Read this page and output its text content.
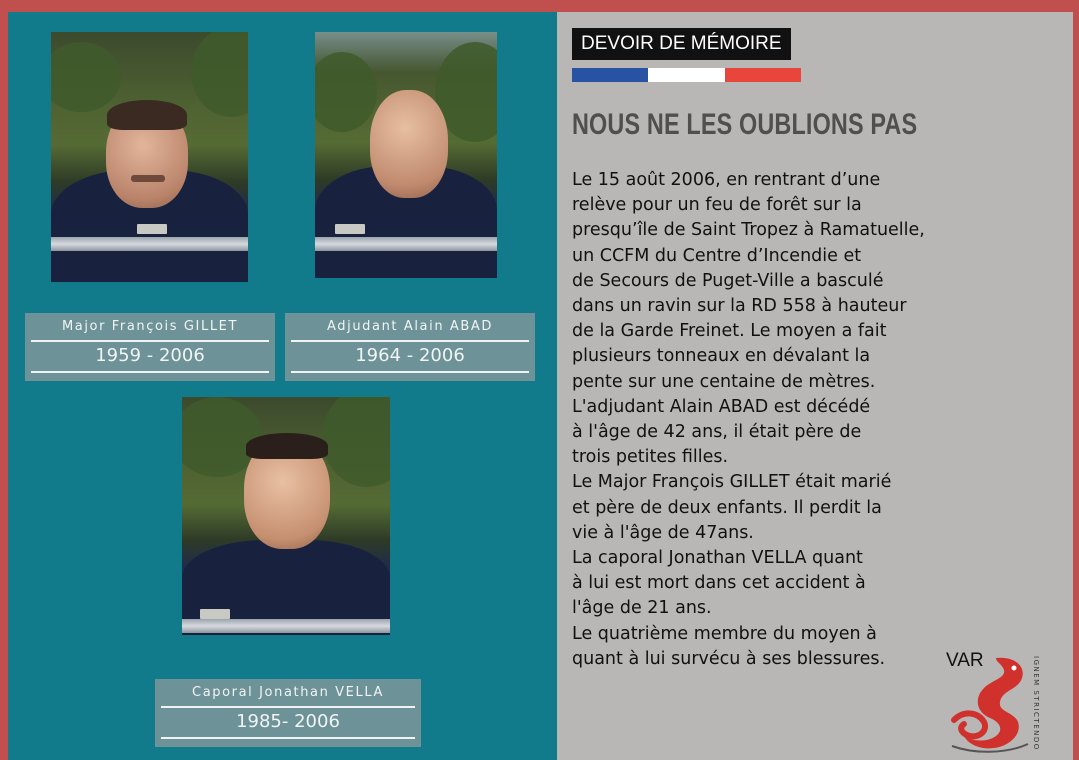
Major François GILLET
1959 - 2006
Adjudant Alain ABAD
1964 - 2006
Caporal Jonathan VELLA
1985- 2006
DEVOIR DE MÉMOIRE
NOUS NE LES OUBLIONS PAS
Le 15 août 2006, en rentrant d’une
relève pour un feu de forêt sur la
presqu’île de Saint Tropez à Ramatuelle,
un CCFM du Centre d’Incendie et
de Secours de Puget-Ville a basculé
dans un ravin sur la RD 558 à hauteur
de la Garde Freinet. Le moyen a fait
plusieurs tonneaux en dévalant la
pente sur une centaine de mètres.
L'adjudant Alain ABAD est décédé
à l'âge de 42 ans, il était père de
trois petites filles.
Le Major François GILLET était marié
et père de deux enfants. Il perdit la
vie à l'âge de 47ans.
La caporal Jonathan VELLA quant
à lui est mort dans cet accident à
l'âge de 21 ans.
Le quatrième membre du moyen à
quant à lui survécu à ses blessures.	VAR	IGNEM STRICTENDO
